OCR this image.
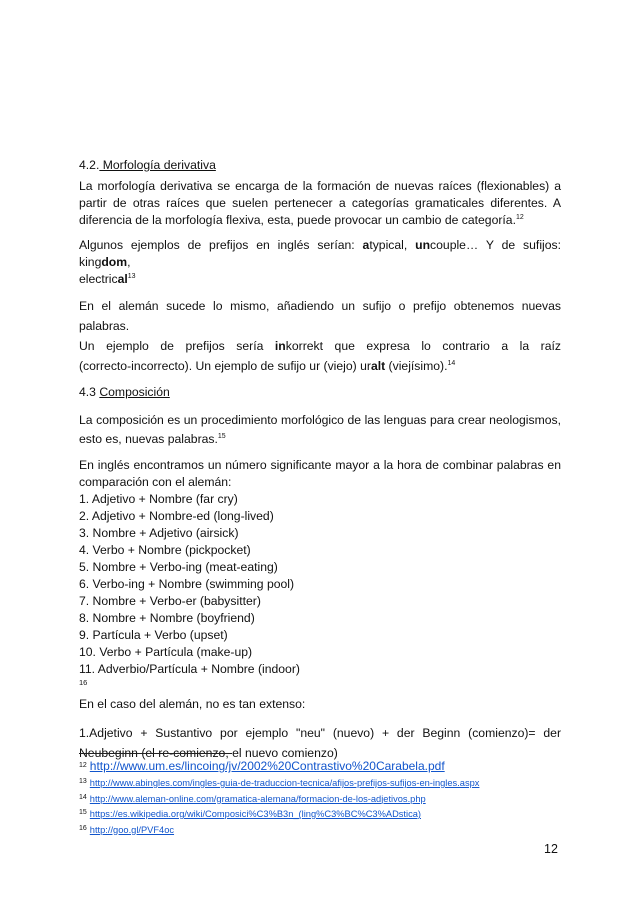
4.2. Morfología derivativa

La morfología derivativa se encarga de la formación de nuevas raíces (flexionables) a partir de otras raíces que suelen pertenecer a categorías gramaticales diferentes. A diferencia de la morfología flexiva, esta, puede provocar un cambio de categoría.$^{12}$

Algunos ejemplos de prefijos en inglés serían: atypical, uncouple… Y de sufijos: kingdom,
electrical$^{13}$

En el alemán sucede lo mismo, añadiendo un sufijo o prefijo obtenemos nuevas palabras.
Un ejemplo de prefijos sería inkorrekt que expresa lo contrario a la raíz
(correcto-incorrecto). Un ejemplo de sufijo ur (viejo) uralt (viejísimo).$^{14}$

4.3 Composición

La composición es un procedimiento morfológico de las lenguas para crear neologismos, esto es, nuevas palabras.$^{15}$

En inglés encontramos un número significante mayor a la hora de combinar palabras en comparación con el alemán:

1. Adjetivo + Nombre (far cry)
2. Adjetivo + Nombre-ed (long-lived)
3. Nombre + Adjetivo (airsick)
4. Verbo + Nombre (pickpocket)
5. Nombre + Verbo-ing (meat-eating)
6. Verbo-ing + Nombre (swimming pool)
7. Nombre + Verbo-er (babysitter)
8. Nombre + Nombre (boyfriend)
9. Partícula + Verbo (upset)
10. Verbo + Partícula (make-up)
11. Adverbio/Partícula + Nombre (indoor)

16

En el caso del alemán, no es tan extenso:

1.Adjetivo + Sustantivo por ejemplo "neu" (nuevo) + der Beginn (comienzo)= der Neubeginn (el re-comienzo, el nuevo comienzo)

$^{12}$ http://www.um.es/lincoing/jv/2002%20Contrastivo%20Carabela.pdf

$^{13}$ http://www.abingles.com/ingles-guia-de-traduccion-tecnica/afijos-prefijos-sufijos-en-ingles.aspx

$^{14}$ http://www.aleman-online.com/gramatica-alemana/formacion-de-los-adjetivos.php

$^{15}$ https://es.wikipedia.org/wiki/Composici%C3%B3n_(ling%C3%BC%C3%ADstica)

$^{16}$ http://goo.gl/PVF4oc

12
